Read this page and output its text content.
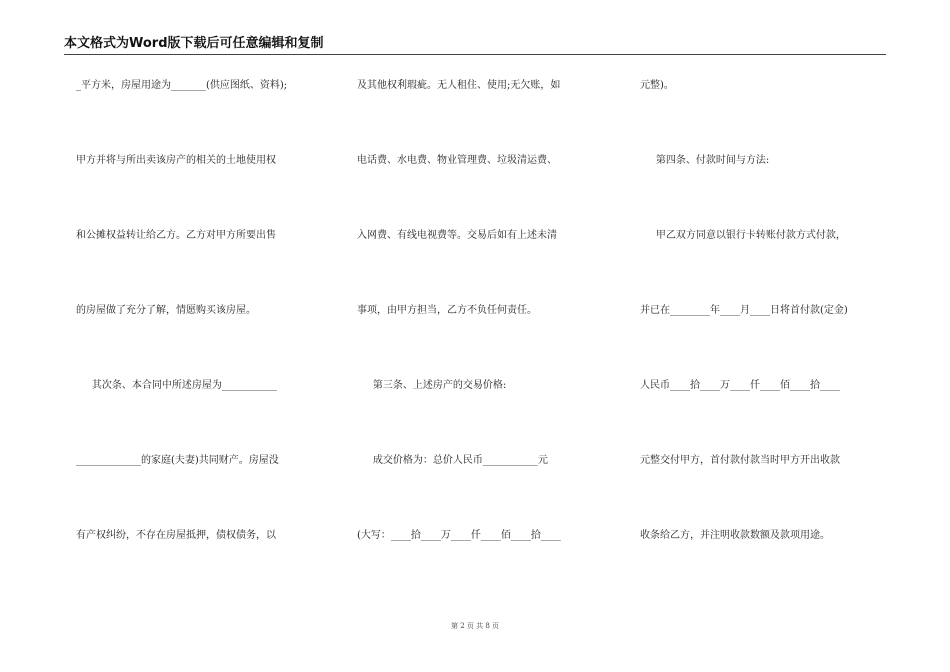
本文格式为Word版下载后可任意编辑和复制
_平方米，房屋用途为_______(供应图纸、资料);
甲方并将与所出卖该房产的相关的土地使用权
和公摊权益转让给乙方。乙方对甲方所要出售
的房屋做了充分了解，情愿购买该房屋。
其次条、本合同中所述房屋为___________
_____________的家庭(夫妻)共同财产。房屋没
有产权纠纷，不存在房屋抵押，债权债务，以
及其他权利瑕疵。无人租住、使用;无欠账，如
电话费、水电费、物业管理费、垃圾清运费、
入网费、有线电视费等。交易后如有上述未清
事项，由甲方担当，乙方不负任何责任。
第三条、上述房产的交易价格:
成交价格为：总价人民币___________元
(大写：____拾____万____仟____佰____拾____
元整)。
第四条、付款时间与方法:
甲乙双方同意以银行卡转账付款方式付款，
并已在________年____月____日将首付款(定金)
人民币____拾____万____仟____佰____拾____
元整交付甲方，首付款付款当时甲方开出收款
收条给乙方，并注明收款数额及款项用途。
第 2 页 共 8 页
